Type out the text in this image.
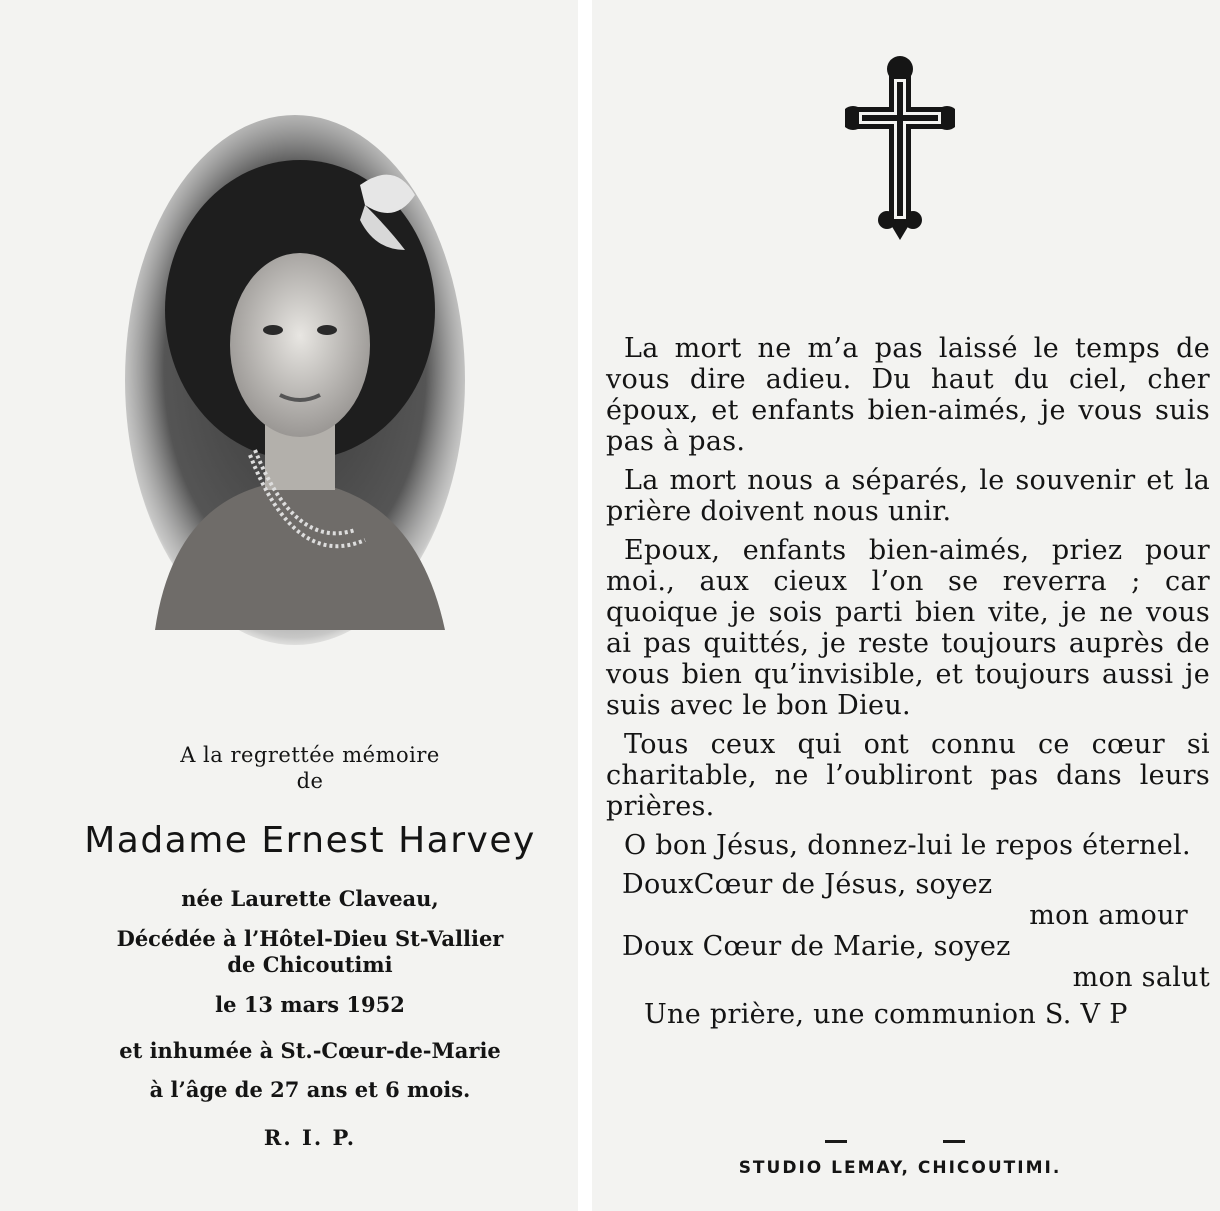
A la regrettée mémoire
de
Madame Ernest Harvey
née Laurette Claveau,
Décédée à l’Hôtel-Dieu St-Vallier
de Chicoutimi
le 13 mars 1952
et inhumée à St.-Cœur-de-Marie
à l’âge de 27 ans et 6 mois.
R. I. P.

La mort ne m’a pas laissé le temps de vous dire adieu. Du haut du ciel, cher époux, et enfants bien-aimés, je vous suis pas à pas.

La mort nous a séparés, le souvenir et la prière doivent nous unir.

Epoux, enfants bien-aimés, priez pour moi., aux cieux l’on se reverra ; car quoique je sois parti bien vite, je ne vous ai pas quittés, je reste toujours auprès de vous bien qu’invisible, et toujours aussi je suis avec le bon Dieu.

Tous ceux qui ont connu ce cœur si charitable, ne l’oubliront pas dans leurs prières.

O bon Jésus, donnez-lui le repos éternel.

DouxCœur de Jésus, soyez

mon amour

Doux Cœur de Marie, soyez

mon salut

Une prière, une communion S. V P

STUDIO LEMAY, CHICOUTIMI.
